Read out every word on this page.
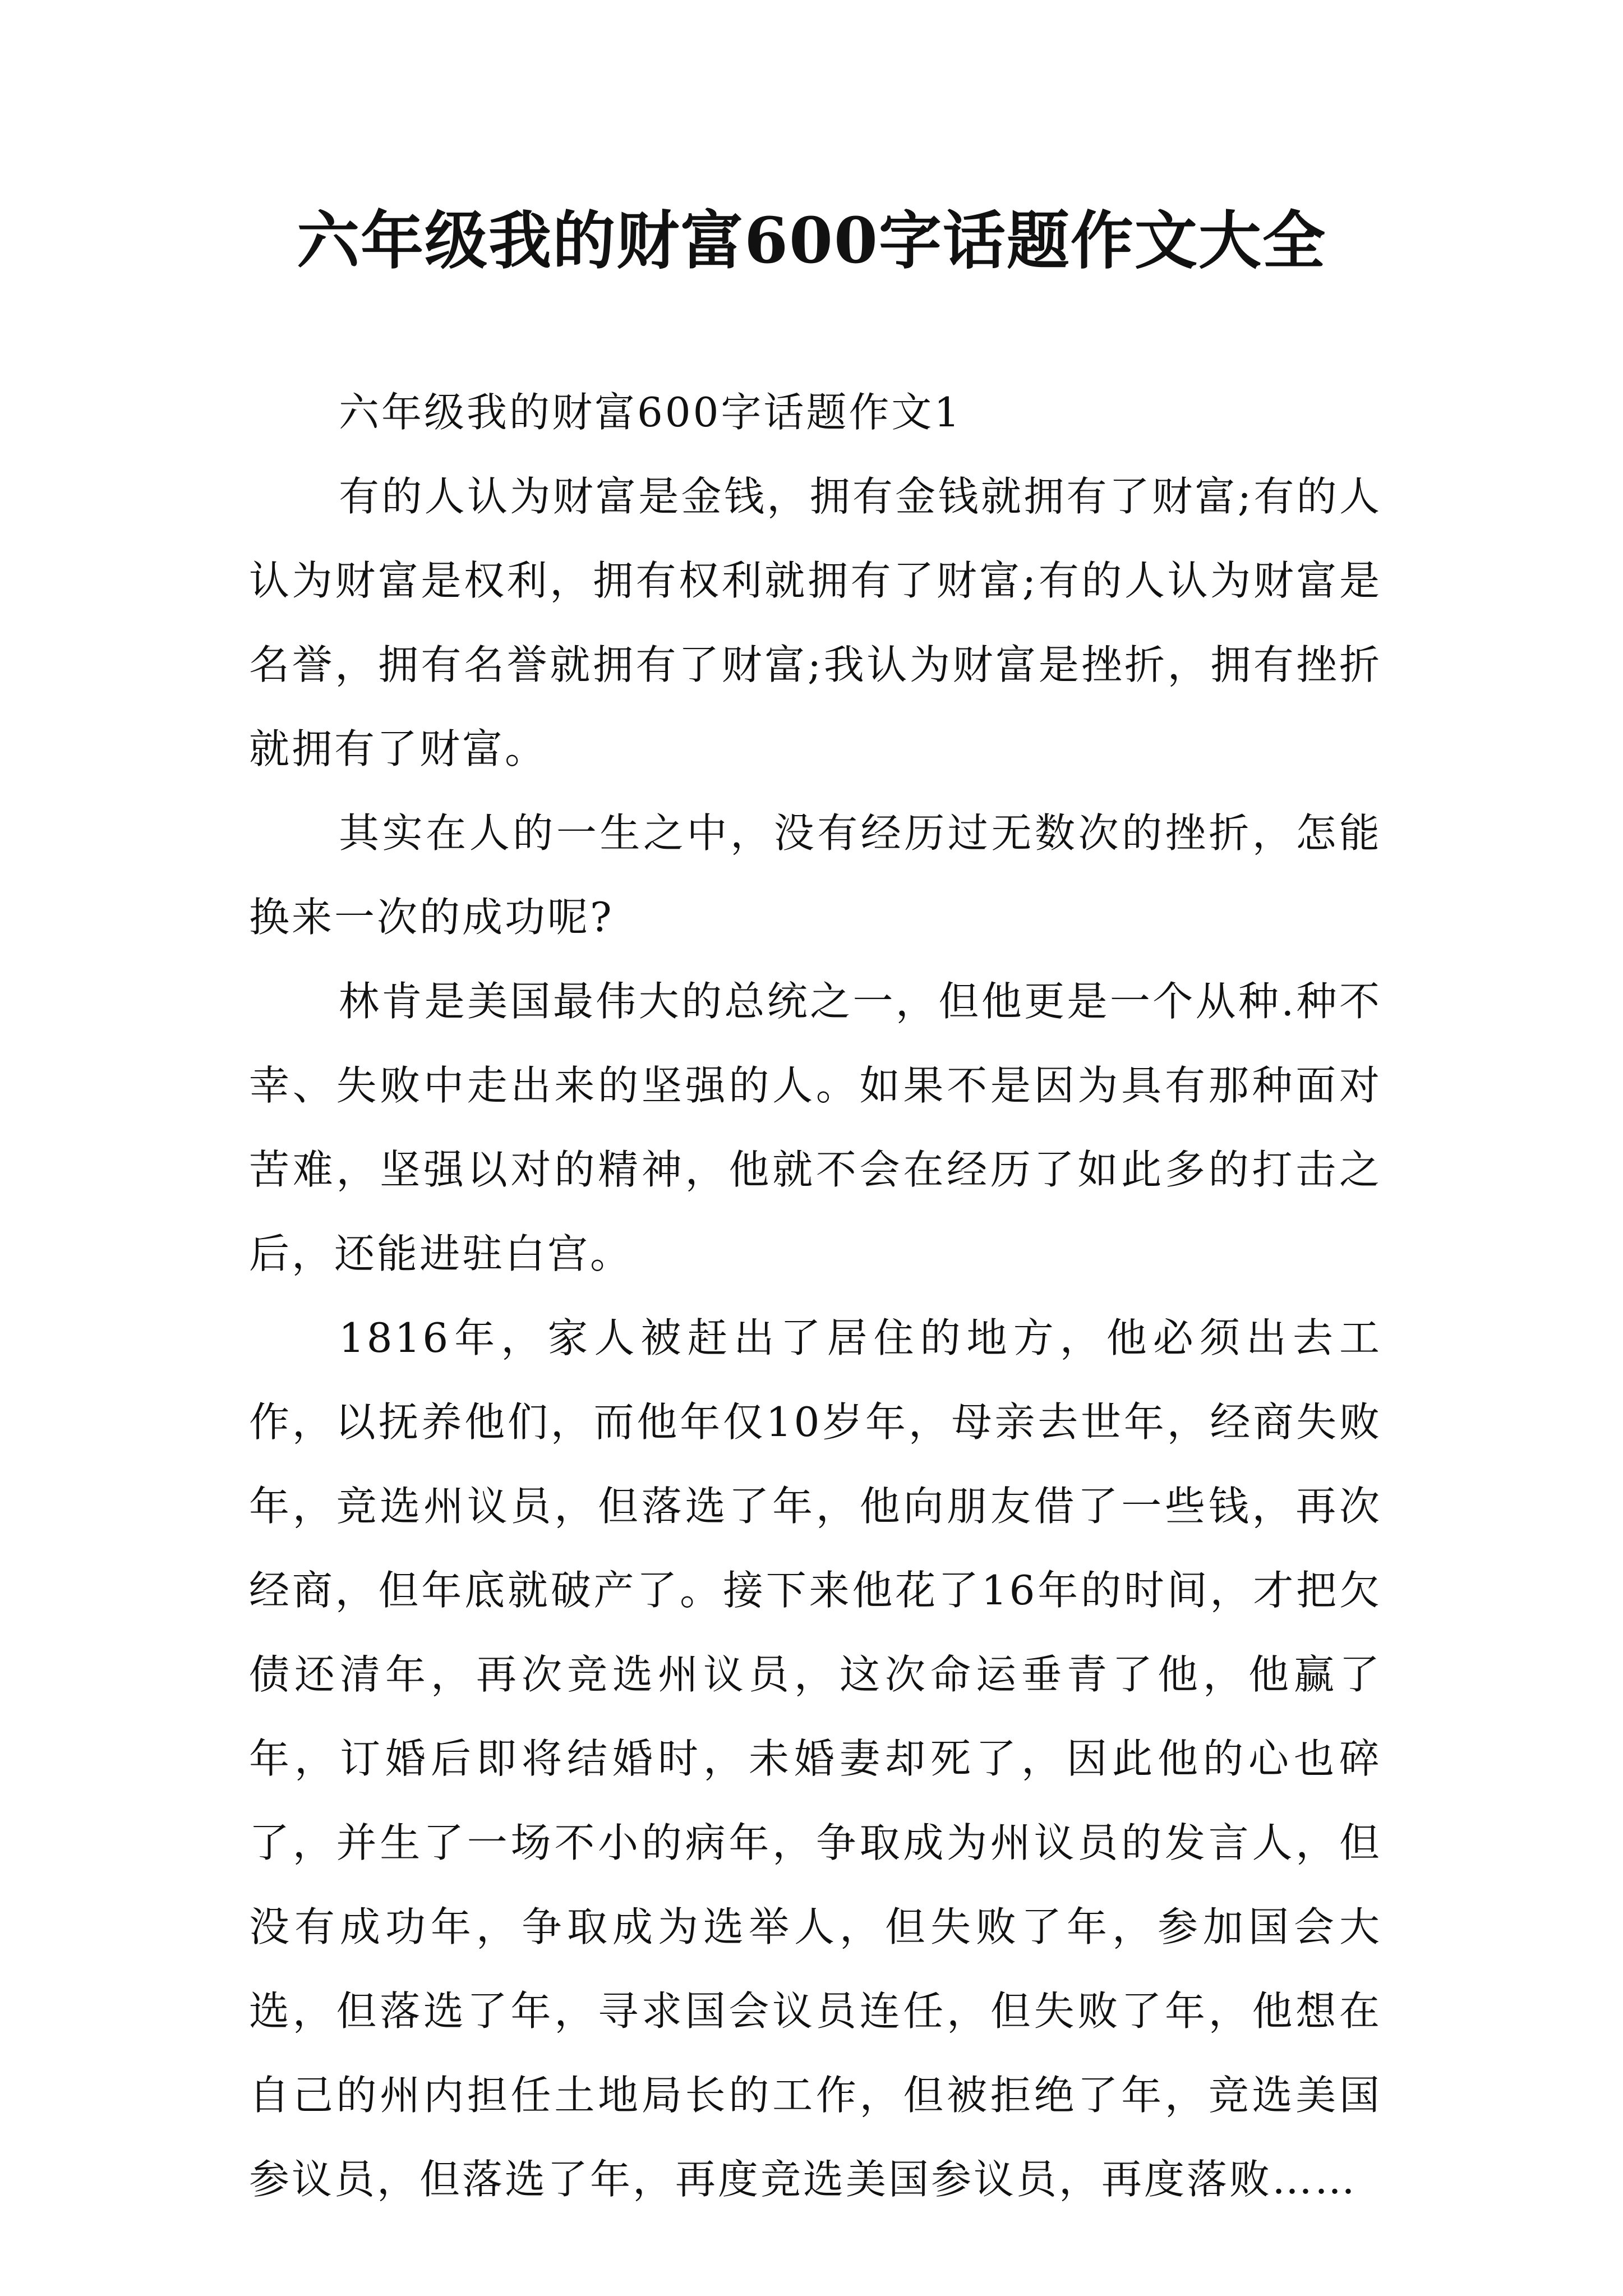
六年级我的财富600字话题作文大全

六年级我的财富600字话题作文1

有的人认为财富是金钱，拥有金钱就拥有了财富;有的人认为财富是权利，拥有权利就拥有了财富;有的人认为财富是名誉，拥有名誉就拥有了财富;我认为财富是挫折，拥有挫折就拥有了财富。

其实在人的一生之中，没有经历过无数次的挫折，怎能换来一次的成功呢?

林肯是美国最伟大的总统之一，但他更是一个从种.种不幸、失败中走出来的坚强的人。如果不是因为具有那种面对苦难，坚强以对的精神，他就不会在经历了如此多的打击之后，还能进驻白宫。

1816年，家人被赶出了居住的地方，他必须出去工作，以抚养他们，而他年仅10岁年，母亲去世年，经商失败年，竞选州议员，但落选了年，他向朋友借了一些钱，再次经商，但年底就破产了。接下来他花了16年的时间，才把欠债还清年，再次竞选州议员，这次命运垂青了他，他赢了年，订婚后即将结婚时，未婚妻却死了，因此他的心也碎了，并生了一场不小的病年，争取成为州议员的发言人，但没有成功年，争取成为选举人，但失败了年，参加国会大选，但落选了年，寻求国会议员连任，但失败了年，他想在自己的州内担任土地局长的工作，但被拒绝了年，竞选美国参议员，但落选了年，再度竞选美国参议员，再度落败……
